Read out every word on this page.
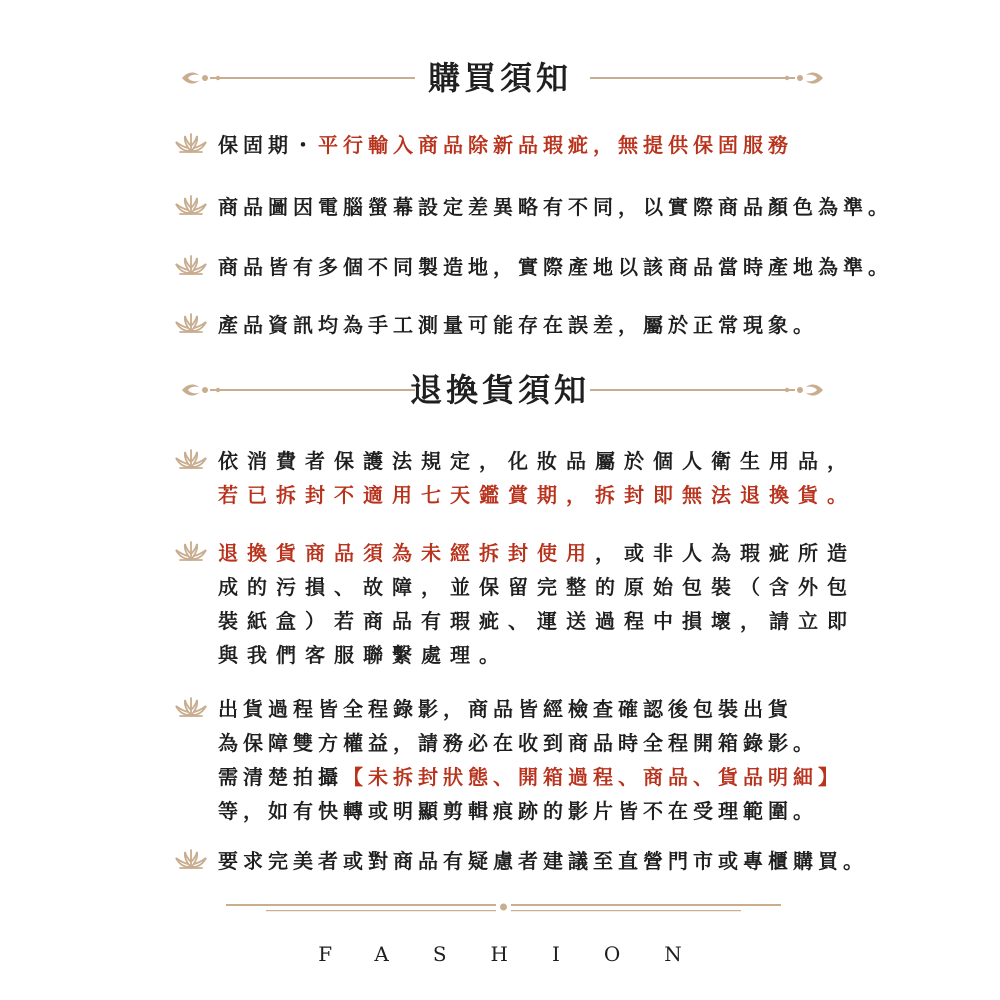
購買須知
保固期・平行輸入商品除新品瑕疵，無提供保固服務
商品圖因電腦螢幕設定差異略有不同，以實際商品顏色為準。
商品皆有多個不同製造地，實際產地以該商品當時產地為準。
產品資訊均為手工測量可能存在誤差，屬於正常現象。
退換貨須知
依消費者保護法規定，化妝品屬於個人衛生用品，
若已拆封不適用七天鑑賞期，拆封即無法退換貨。
退換貨商品須為未經拆封使用，或非人為瑕疵所造
成的污損、故障，並保留完整的原始包裝（含外包
裝紙盒）若商品有瑕疵、運送過程中損壞，請立即
與我們客服聯繫處理。
出貨過程皆全程錄影，商品皆經檢查確認後包裝出貨
為保障雙方權益，請務必在收到商品時全程開箱錄影。
需清楚拍攝【未拆封狀態、開箱過程、商品、貨品明細】
等，如有快轉或明顯剪輯痕跡的影片皆不在受理範圍。
要求完美者或對商品有疑慮者建議至直營門市或專櫃購買。
FASHION
